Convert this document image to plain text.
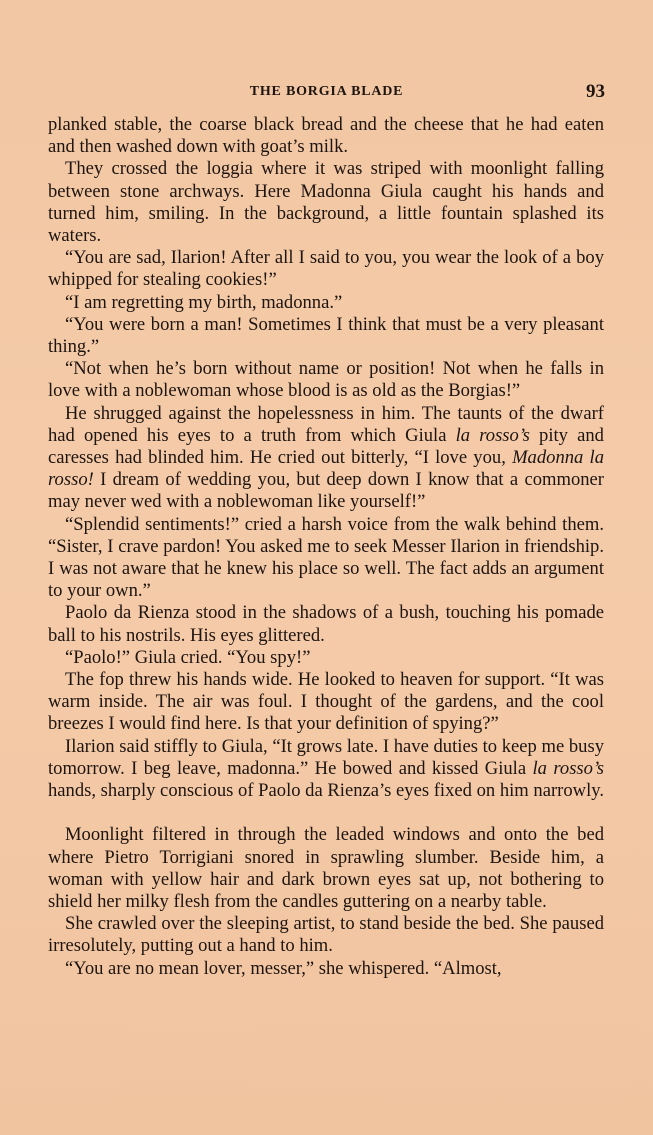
THE BORGIA BLADE	93

planked stable, the coarse black bread and the cheese that he had eaten and then washed down with goat’s milk.

They crossed the loggia where it was striped with moonlight falling between stone archways. Here Madonna Giula caught his hands and turned him, smiling. In the background, a little fountain splashed its waters.

“You are sad, Ilarion! After all I said to you, you wear the look of a boy whipped for stealing cookies!”

“I am regretting my birth, madonna.”

“You were born a man! Sometimes I think that must be a very pleasant thing.”

“Not when he’s born without name or position! Not when he falls in love with a noblewoman whose blood is as old as the Borgias!”

He shrugged against the hopelessness in him. The taunts of the dwarf had opened his eyes to a truth from which Giula la rosso’s pity and caresses had blinded him. He cried out bitterly, “I love you, Madonna la rosso! I dream of wedding you, but deep down I know that a commoner may never wed with a noblewoman like yourself!”

“Splendid sentiments!” cried a harsh voice from the walk behind them. “Sister, I crave pardon! You asked me to seek Messer Ilarion in friendship. I was not aware that he knew his place so well. The fact adds an argument to your own.”

Paolo da Rienza stood in the shadows of a bush, touching his pomade ball to his nostrils. His eyes glittered.

“Paolo!” Giula cried. “You spy!”

The fop threw his hands wide. He looked to heaven for support. “It was warm inside. The air was foul. I thought of the gardens, and the cool breezes I would find here. Is that your definition of spying?”

Ilarion said stiffly to Giula, “It grows late. I have duties to keep me busy tomorrow. I beg leave, madonna.” He bowed and kissed Giula la rosso’s hands, sharply conscious of Paolo da Rienza’s eyes fixed on him narrowly.

Moonlight filtered in through the leaded windows and onto the bed where Pietro Torrigiani snored in sprawling slumber. Beside him, a woman with yellow hair and dark brown eyes sat up, not bothering to shield her milky flesh from the candles guttering on a nearby table.

She crawled over the sleeping artist, to stand beside the bed. She paused irresolutely, putting out a hand to him.

“You are no mean lover, messer,” she whispered. “Almost,
